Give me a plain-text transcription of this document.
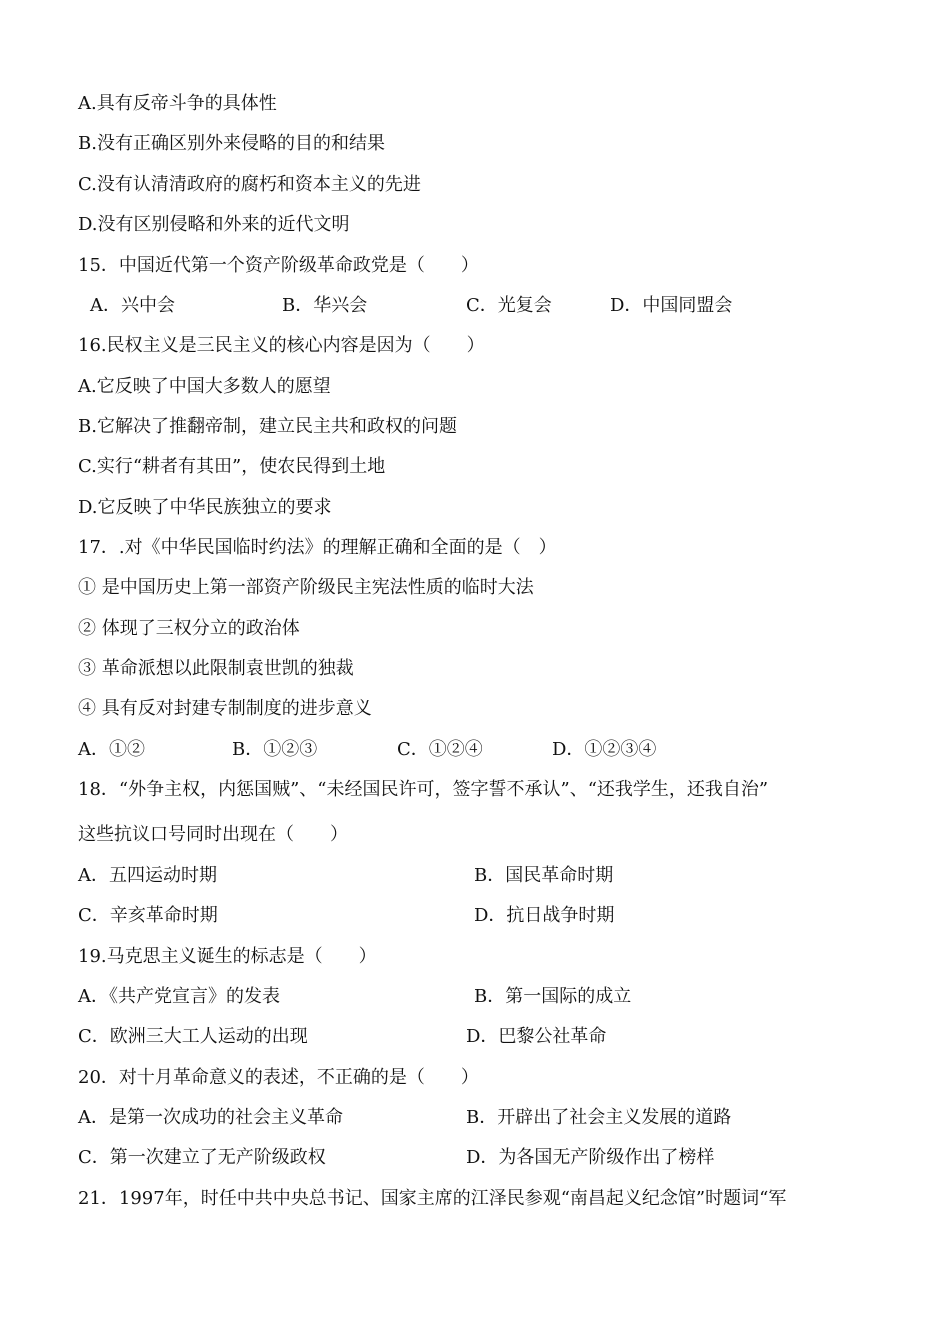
A.具有反帝斗争的具体性
B.没有正确区别外来侵略的目的和结果
C.没有认清清政府的腐朽和资本主义的先进
D.没有区别侵略和外来的近代文明
15．中国近代第一个资产阶级革命政党是（　　）
A．兴中会	B．华兴会	C．光复会	D．中国同盟会
16.民权主义是三民主义的核心内容是因为（　　）
A.它反映了中国大多数人的愿望
B.它解决了推翻帝制，建立民主共和政权的问题
C.实行“耕者有其田”，使农民得到土地
D.它反映了中华民族独立的要求
17．.对《中华民国临时约法》的理解正确和全面的是（　）
① 是中国历史上第一部资产阶级民主宪法性质的临时大法
② 体现了三权分立的政治体
③ 革命派想以此限制袁世凯的独裁
④ 具有反对封建专制制度的进步意义
A．①②	B．①②③	C．①②④	D．①②③④
18．“外争主权，内惩国贼”、“未经国民许可，签字誓不承认”、“还我学生，还我自治”
这些抗议口号同时出现在（　　）
A．五四运动时期	B．国民革命时期
C．辛亥革命时期	D．抗日战争时期
19.马克思主义诞生的标志是（　　）
A．《共产党宣言》的发表	B．第一国际的成立
C．欧洲三大工人运动的出现	D．巴黎公社革命
20．对十月革命意义的表述，不正确的是（　　）
A．是第一次成功的社会主义革命	B．开辟出了社会主义发展的道路
C．第一次建立了无产阶级政权	D．为各国无产阶级作出了榜样
21．1997年，时任中共中央总书记、国家主席的江泽民参观“南昌起义纪念馆”时题词“军
